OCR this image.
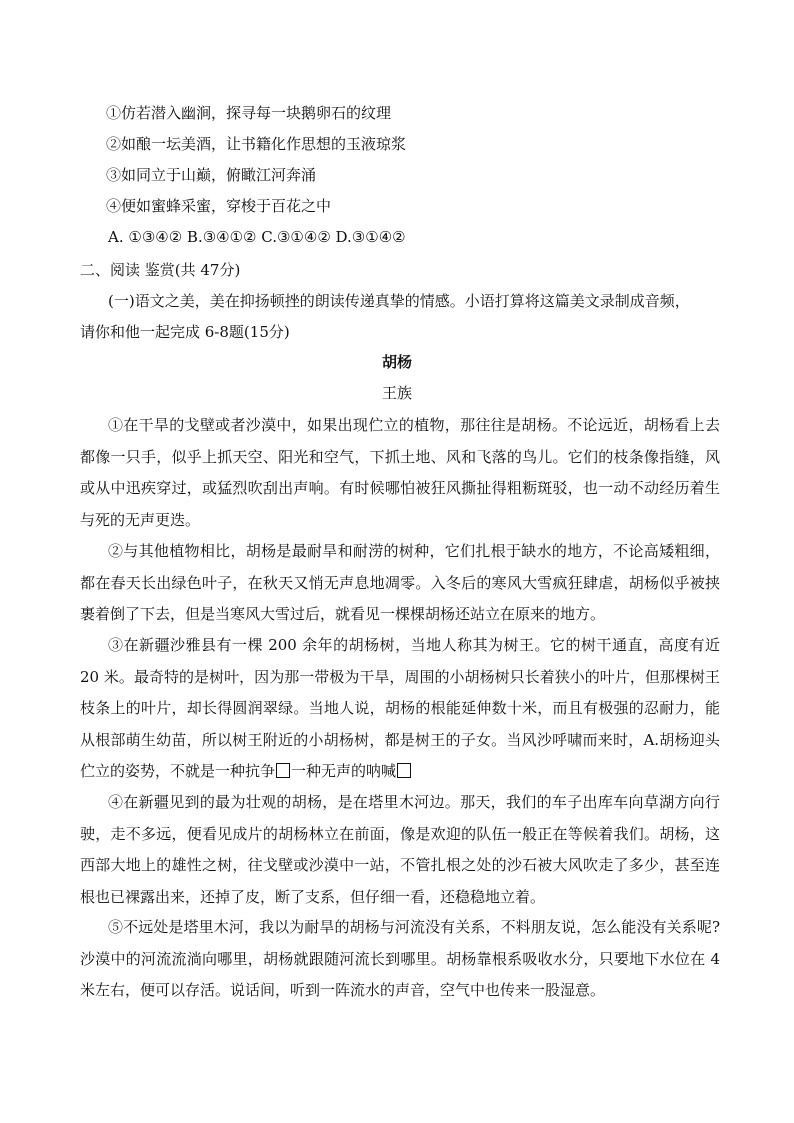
①仿若潜入幽涧，探寻每一块鹅卵石的纹理
②如酿一坛美酒，让书籍化作思想的玉液琼浆
③如同立于山巅，俯瞰江河奔涌
④便如蜜蜂采蜜，穿梭于百花之中
A. ①③④② B.③④①② C.③①④② D.③①④②
二、阅读 鉴赏(共 47分)
(一)语文之美，美在抑扬顿挫的朗读传递真挚的情感。小语打算将这篇美文录制成音频，
请你和他一起完成 6-8题(15分)
胡杨
王族
①在干旱的戈壁或者沙漠中，如果出现伫立的植物，那往往是胡杨。不论远近，胡杨看上去都像一只手，似乎上抓天空、阳光和空气，下抓土地、风和飞落的鸟儿。它们的枝条像指缝，风或从中迅疾穿过，或猛烈吹刮出声响。有时候哪怕被狂风撕扯得粗粝斑驳，也一动不动经历着生与死的无声更迭。
②与其他植物相比，胡杨是最耐旱和耐涝的树种，它们扎根于缺水的地方，不论高矮粗细，都在春天长出绿色叶子，在秋天又悄无声息地凋零。入冬后的寒风大雪疯狂肆虐，胡杨似乎被挟裹着倒了下去，但是当寒风大雪过后，就看见一棵棵胡杨还站立在原来的地方。
③在新疆沙雅县有一棵 200 余年的胡杨树，当地人称其为树王。它的树干通直，高度有近 20 米。最奇特的是树叶，因为那一带极为干旱，周围的小胡杨树只长着狭小的叶片，但那棵树王枝条上的叶片，却长得圆润翠绿。当地人说，胡杨的根能延伸数十米，而且有极强的忍耐力，能从根部萌生幼苗，所以树王附近的小胡杨树，都是树王的子女。当风沙呼啸而来时，A.胡杨迎头伫立的姿势，不就是一种抗争 一种无声的呐喊
④在新疆见到的最为壮观的胡杨，是在塔里木河边。那天，我们的车子出库车向草湖方向行驶，走不多远，便看见成片的胡杨林立在前面，像是欢迎的队伍一般正在等候着我们。胡杨，这西部大地上的雄性之树，往戈壁或沙漠中一站，不管扎根之处的沙石被大风吹走了多少，甚至连根也已裸露出来，还掉了皮，断了支系，但仔细一看，还稳稳地立着。
⑤不远处是塔里木河，我以为耐旱的胡杨与河流没有关系，不料朋友说，怎么能没有关系呢?沙漠中的河流流淌向哪里，胡杨就跟随河流长到哪里。胡杨靠根系吸收水分，只要地下水位在 4 米左右，便可以存活。说话间，听到一阵流水的声音，空气中也传来一股湿意。
